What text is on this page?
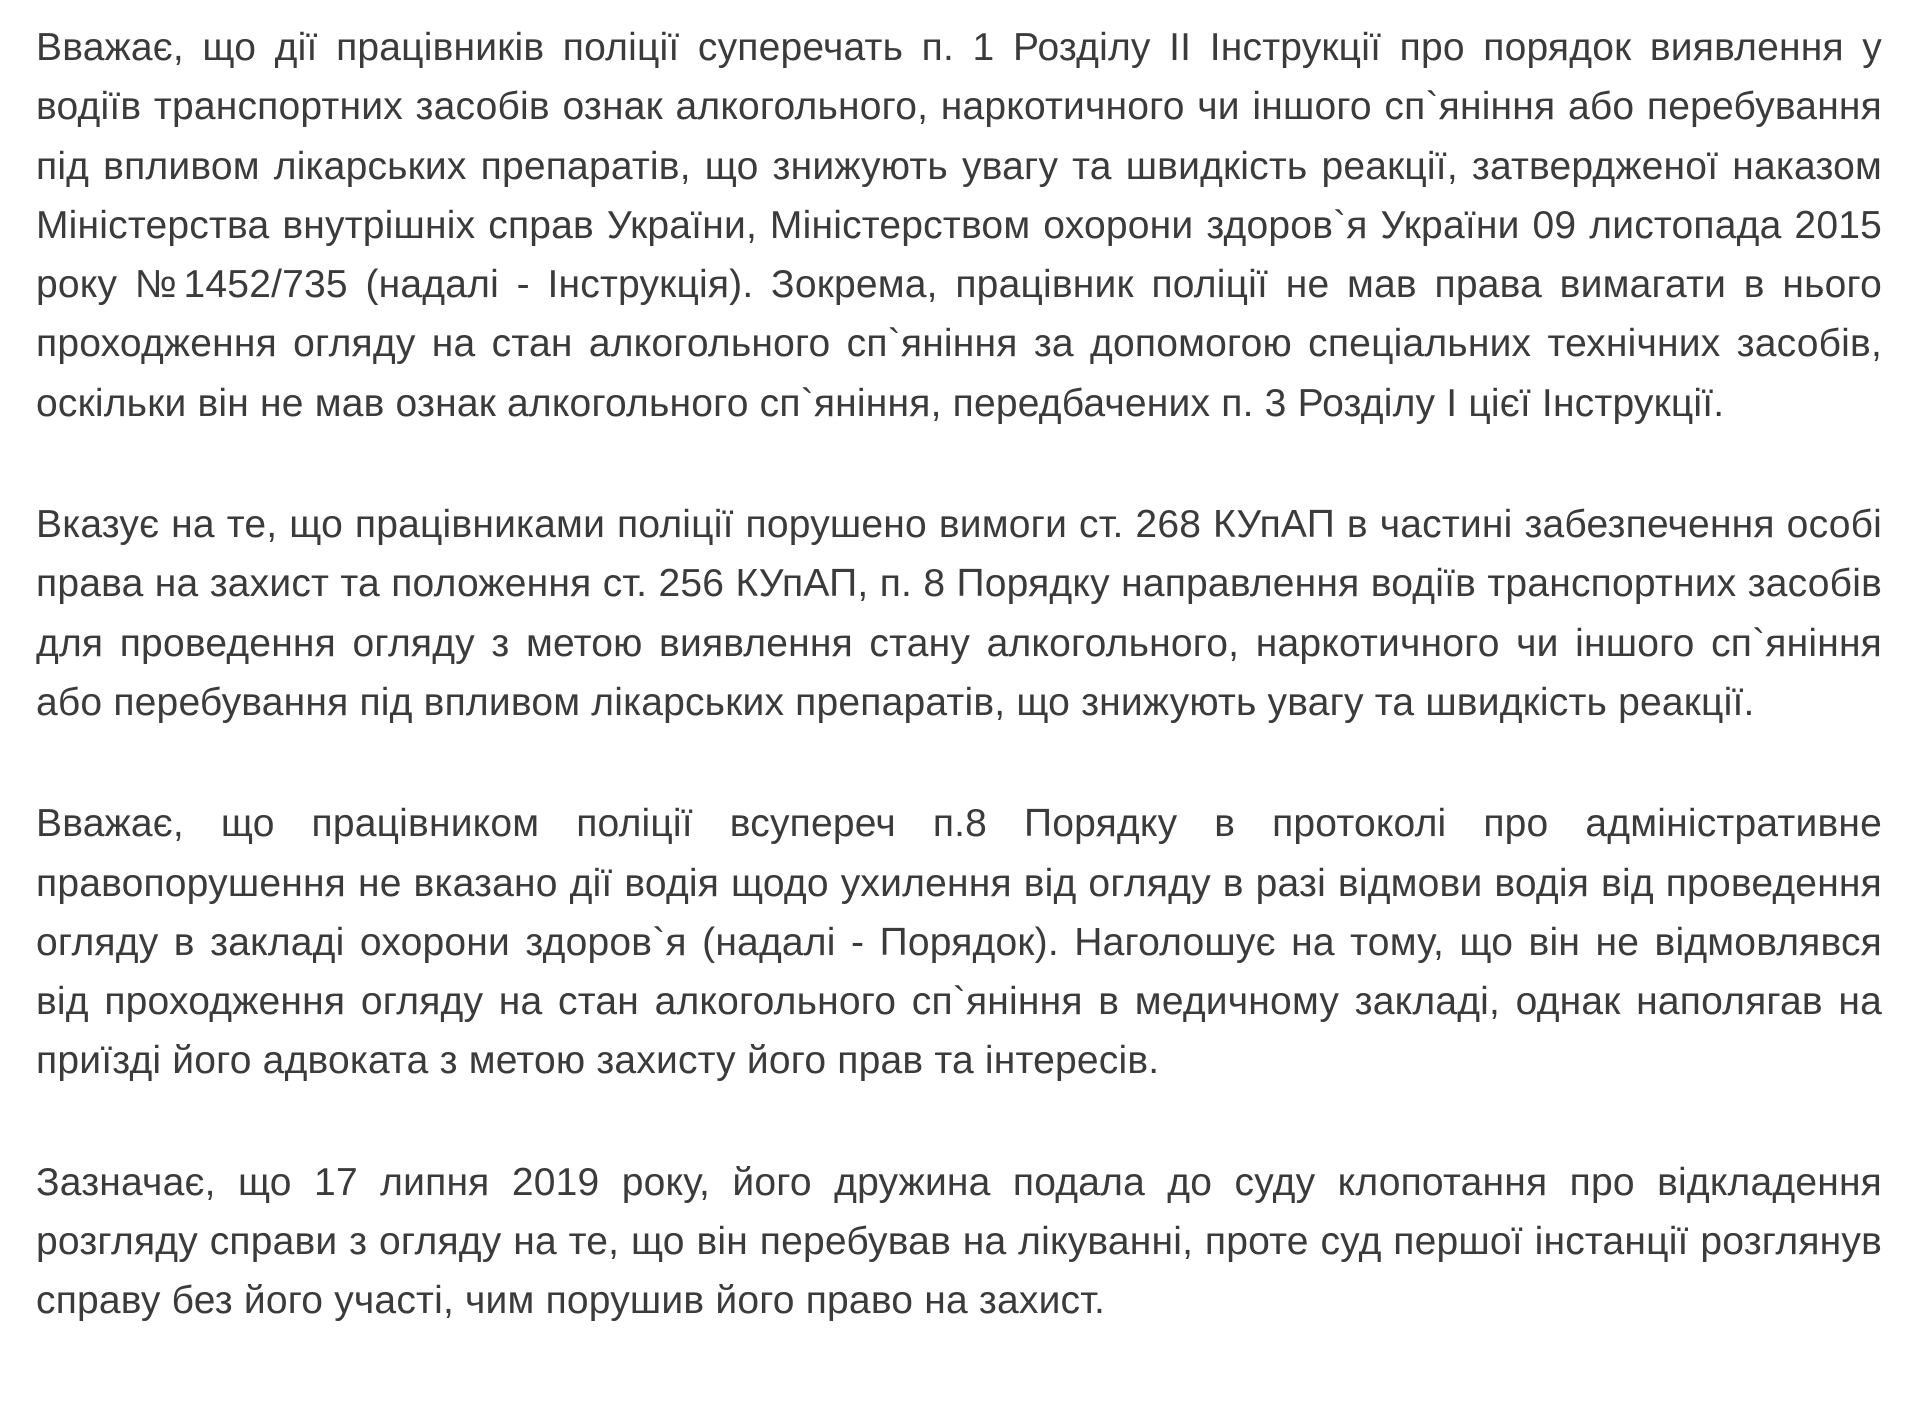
Вважає, що дії працівників поліції суперечать п. 1 Розділу ІІ Інструкції про порядок виявлення у водіїв транспортних засобів ознак алкогольного, наркотичного чи іншого сп`яніння або перебування під впливом лікарських препаратів, що знижують увагу та швидкість реакції, затвердженої наказом Міністерства внутрішніх справ України, Міністерством охорони здоров`я України 09 листопада 2015 року №1452/735 (надалі - Інструкція). Зокрема, працівник поліції не мав права вимагати в нього проходження огляду на стан алкогольного сп`яніння за допомогою спеціальних технічних засобів, оскільки він не мав ознак алкогольного сп`яніння, передбачених п. 3 Розділу І цієї Інструкції.

Вказує на те, що працівниками поліції порушено вимоги ст. 268 КУпАП в частині забезпечення особі права на захист та положення ст. 256 КУпАП, п. 8 Порядку направлення водіїв транспортних засобів для проведення огляду з метою виявлення стану алкогольного, наркотичного чи іншого сп`яніння або перебування під впливом лікарських препаратів, що знижують увагу та швидкість реакції.

Вважає, що працівником поліції всупереч п.8 Порядку в протоколі про адміністративне правопорушення не вказано дії водія щодо ухилення від огляду в разі відмови водія від проведення огляду в закладі охорони здоров`я (надалі - Порядок). Наголошує на тому, що він не відмовлявся від проходження огляду на стан алкогольного сп`яніння в медичному закладі, однак наполягав на приїзді його адвоката з метою захисту його прав та інтересів.

Зазначає, що 17 липня 2019 року, його дружина подала до суду клопотання про відкладення розгляду справи з огляду на те, що він перебував на лікуванні, проте суд першої інстанції розглянув справу без його участі, чим порушив його право на захист.
